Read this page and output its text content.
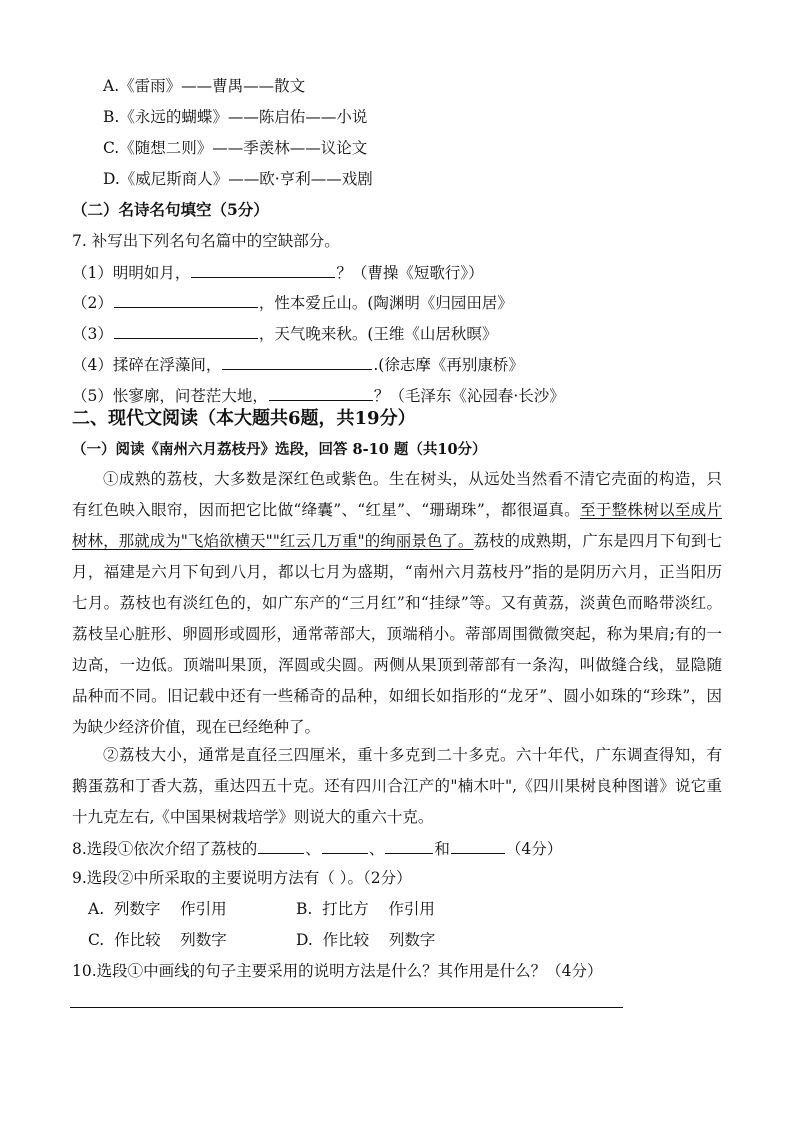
A.《雷雨》——曹禺——散文
B.《永远的蝴蝶》——陈启佑——小说
C.《随想二则》——季羡林——议论文
D.《威尼斯商人》——欧·亨利——戏剧
（二）名诗名句填空（5分）
7. 补写出下列名句名篇中的空缺部分。
（1）明明如月，	？（曹操《短歌行》）
（2）	，性本爱丘山。(陶渊明《归园田居》
（3）	，天气晚来秋。(王维《山居秋暝》
（4）揉碎在浮藻间，	.(徐志摩《再别康桥》
（5）怅寥廓，问苍茫大地，	？（毛泽东《沁园春·长沙》
二、现代文阅读（本大题共6题，共19分）
（一）阅读《南州六月荔枝丹》选段，回答 8-10 题（共10分）
①成熟的荔枝，大多数是深红色或紫色。生在树头，从远处当然看不清它壳面的构造，只有红色映入眼帘，因而把它比做“绛囊”、“红星”、“珊瑚珠”，都很逼真。至于整株树以至成片树林，那就成为"飞焰欲横天""红云几万重"的绚丽景色了。荔枝的成熟期，广东是四月下旬到七月，福建是六月下旬到八月，都以七月为盛期，“南州六月荔枝丹”指的是阴历六月，正当阳历七月。荔枝也有淡红色的，如广东产的“三月红”和“挂绿”等。又有黄荔，淡黄色而略带淡红。荔枝呈心脏形、卵圆形或圆形，通常蒂部大，顶端稍小。蒂部周围微微突起，称为果肩;有的一边高，一边低。顶端叫果顶，浑圆或尖圆。两侧从果顶到蒂部有一条沟，叫做缝合线，显隐随品种而不同。旧记载中还有一些稀奇的品种，如细长如指形的“龙牙”、圆小如珠的“珍珠”，因为缺少经济价值，现在已经绝种了。
②荔枝大小，通常是直径三四厘米，重十多克到二十多克。六十年代，广东调查得知，有鹅蛋荔和丁香大荔，重达四五十克。还有四川合江产的"楠木叶",《四川果树良种图谱》说它重十九克左右,《中国果树栽培学》则说大的重六十克。
8.选段①依次介绍了荔枝的	、	、	和	（4分）
9.选段②中所采取的主要说明方法有（ ）。（2分）
A.  列数字    作引用	B.  打比方    作引用
C.  作比较    列数字	D.  作比较    列数字
10.选段①中画线的句子主要采用的说明方法是什么？其作用是什么？（4分）
